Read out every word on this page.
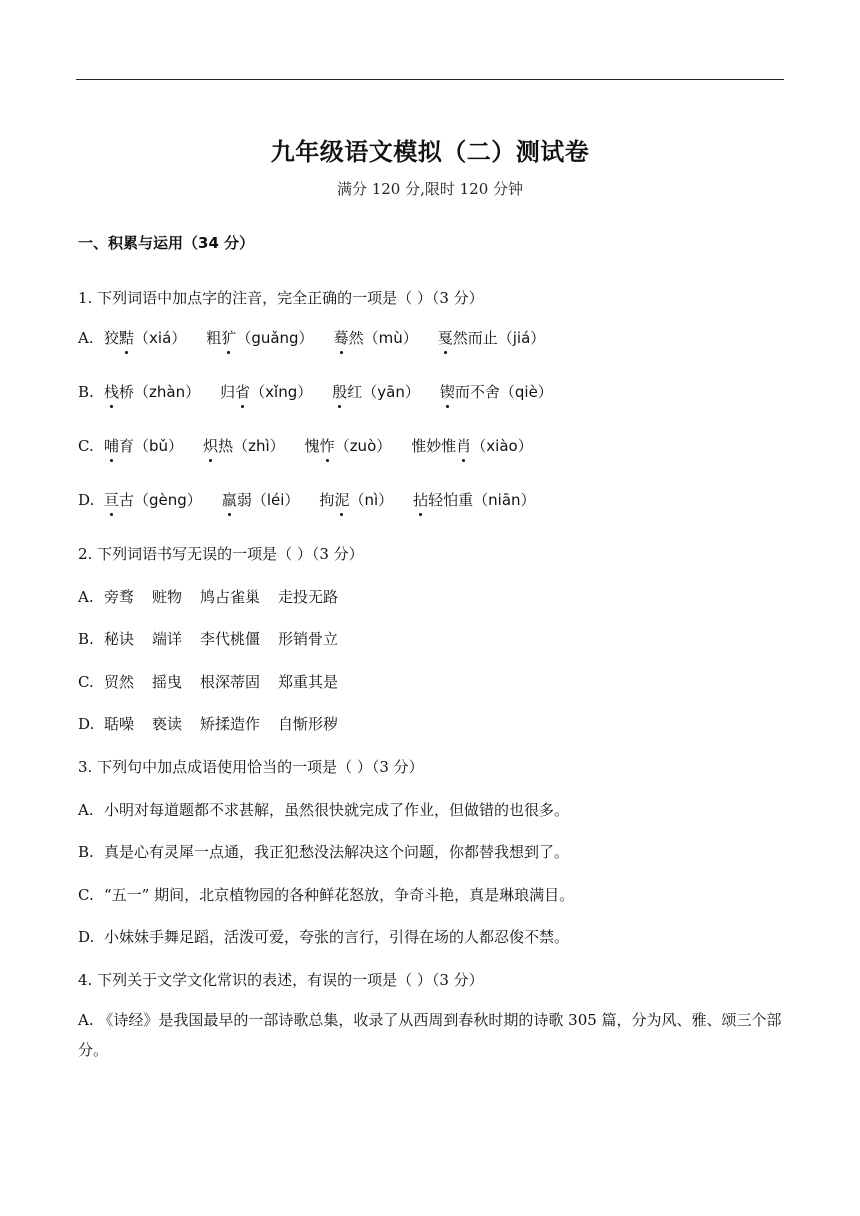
九年级语文模拟（二）测试卷
满分 120 分,限时 120 分钟
一、积累与运用（34 分）
1. 下列词语中加点字的注音，完全正确的一项是（ ）（3 分）
A. 狡黠（xiá） 粗犷（guǎng） 蓦然（mù） 戛然而止（jiá）
B. 栈桥（zhàn） 归省（xǐng） 殷红（yān） 锲而不舍（qiè）
C. 哺育（bǔ） 炽热（zhì） 愧怍（zuò） 惟妙惟肖（xiào）
D. 亘古（gèng） 羸弱（léi） 拘泥（nì） 拈轻怕重（niān）
2. 下列词语书写无误的一项是（ ）（3 分）
A. 旁骛 赃物 鸠占雀巢 走投无路
B. 秘诀 端详 李代桃僵 形销骨立
C. 贸然 摇曳 根深蒂固 郑重其是
D. 聒噪 亵读 矫揉造作 自惭形秽
3. 下列句中加点成语使用恰当的一项是（ ）（3 分）
A. 小明对每道题都不求甚解，虽然很快就完成了作业，但做错的也很多。
B. 真是心有灵犀一点通，我正犯愁没法解决这个问题，你都替我想到了。
C. “五一” 期间，北京植物园的各种鲜花怒放，争奇斗艳，真是琳琅满目。
D. 小妹妹手舞足蹈，活泼可爱，夸张的言行，引得在场的人都忍俊不禁。
4. 下列关于文学文化常识的表述，有误的一项是（ ）（3 分）
A. 《诗经》是我国最早的一部诗歌总集，收录了从西周到春秋时期的诗歌 305 篇，分为风、雅、颂三个部分。
